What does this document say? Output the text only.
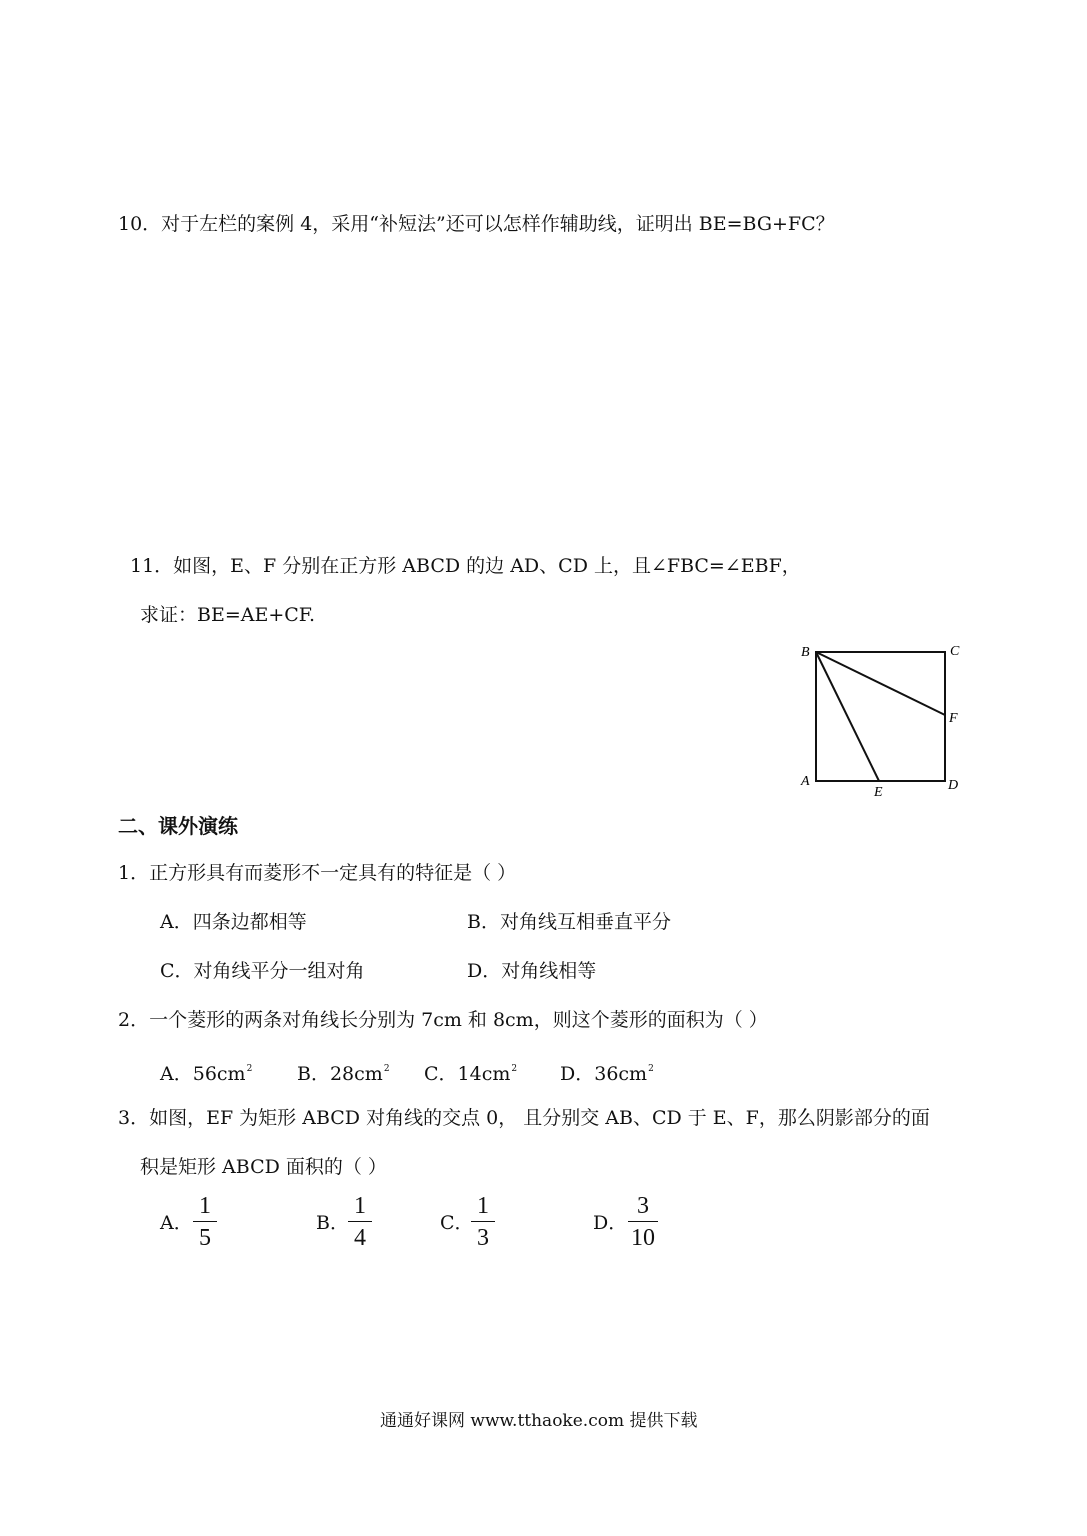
10．对于左栏的案例 4，采用“补短法”还可以怎样作辅助线，证明出 BE=BG+FC？
11．如图，E、F 分别在正方形 ABCD 的边 AD、CD 上，且∠FBC=∠EBF，
求证：BE=AE+CF.
B	C
F
A
E	D
二、课外演练
1．正方形具有而菱形不一定具有的特征是（ ）
A．四条边都相等	B．对角线互相垂直平分
C．对角线平分一组对角	D．对角线相等
2．一个菱形的两条对角线长分别为 7cm 和 8cm，则这个菱形的面积为（ ）
A．$56cm^2$ B．$28cm^2$ C．$14cm^2$ D．$36cm^2$
3．如图，EF 为矩形 ABCD 对角线的交点 0， 且分别交 AB、CD 于 E、F，那么阴影部分的面
积是矩形 ABCD 面积的（ ）
A．
1
5
B．
1
4
C．
1
3
D．
3
10
通通好课网 www.tthaoke.com 提供下载
